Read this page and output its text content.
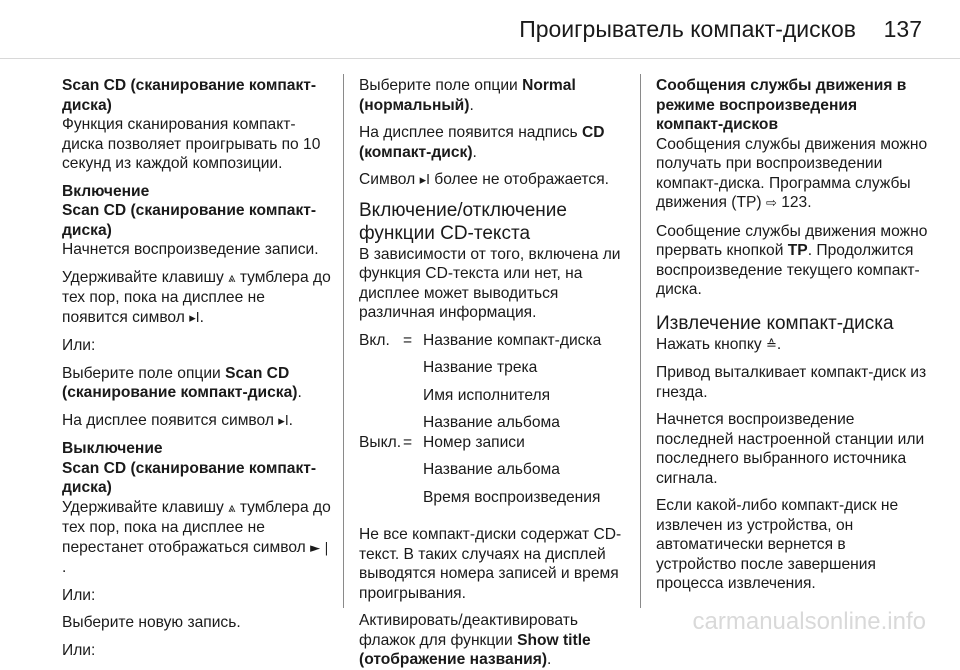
Проигрыватель компакт-дисков 137
Scan CD (сканирование компакт-диска)
Функция сканирования компакт-диска позволяет проигрывать по 10 секунд из каждой композиции.
Включение
Scan CD (сканирование компакт-диска)
Начнется воспроизведение записи.
Удерживайте клавишу ⩓ тумблера до тех пор, пока на дисплее не появится символ ▸I.
Или:
Выберите поле опции Scan CD (сканирование компакт-диска).
На дисплее появится символ ▸I.
Выключение
Scan CD (сканирование компакт-диска)
Удерживайте клавишу ⩓ тумблера до тех пор, пока на дисплее не перестанет отображаться символ ► | .
Или:
Выберите новую запись.
Или:
Выберите поле опции Normal (нормальный).
На дисплее появится надпись CD (компакт-диск).
Символ ▸I более не отображается.
Включение/отключение функции CD-текста
В зависимости от того, включена ли функция CD-текста или нет, на дисплее может выводиться различная информация.
Вкл.	=	Название компакт-диска
		Название трека
		Имя исполнителя
		Название альбома
Выкл.	=	Номер записи
		Название альбома
		Время воспроизведения
Не все компакт-диски содержат CD-текст. В таких случаях на дисплей выводятся номера записей и время проигрывания.
Активировать/деактивировать флажок для функции Show title (отображение названия).
Сообщения службы движения в режиме воспроизведения компакт-дисков
Сообщения службы движения можно получать при воспроизведении компакт-диска. Программа службы движения (TP) ⇨ 123.
Сообщение службы движения можно прервать кнопкой TP. Продолжится воспроизведение текущего компакт-диска.
Извлечение компакт-диска
Нажать кнопку ≙.
Привод выталкивает компакт-диск из гнезда.
Начнется воспроизведение последней настроенной станции или последнего выбранного источника сигнала.
Если какой-либо компакт-диск не извлечен из устройства, он автоматически вернется в устройство после завершения процесса извлечения.
carmanualsonline.info
